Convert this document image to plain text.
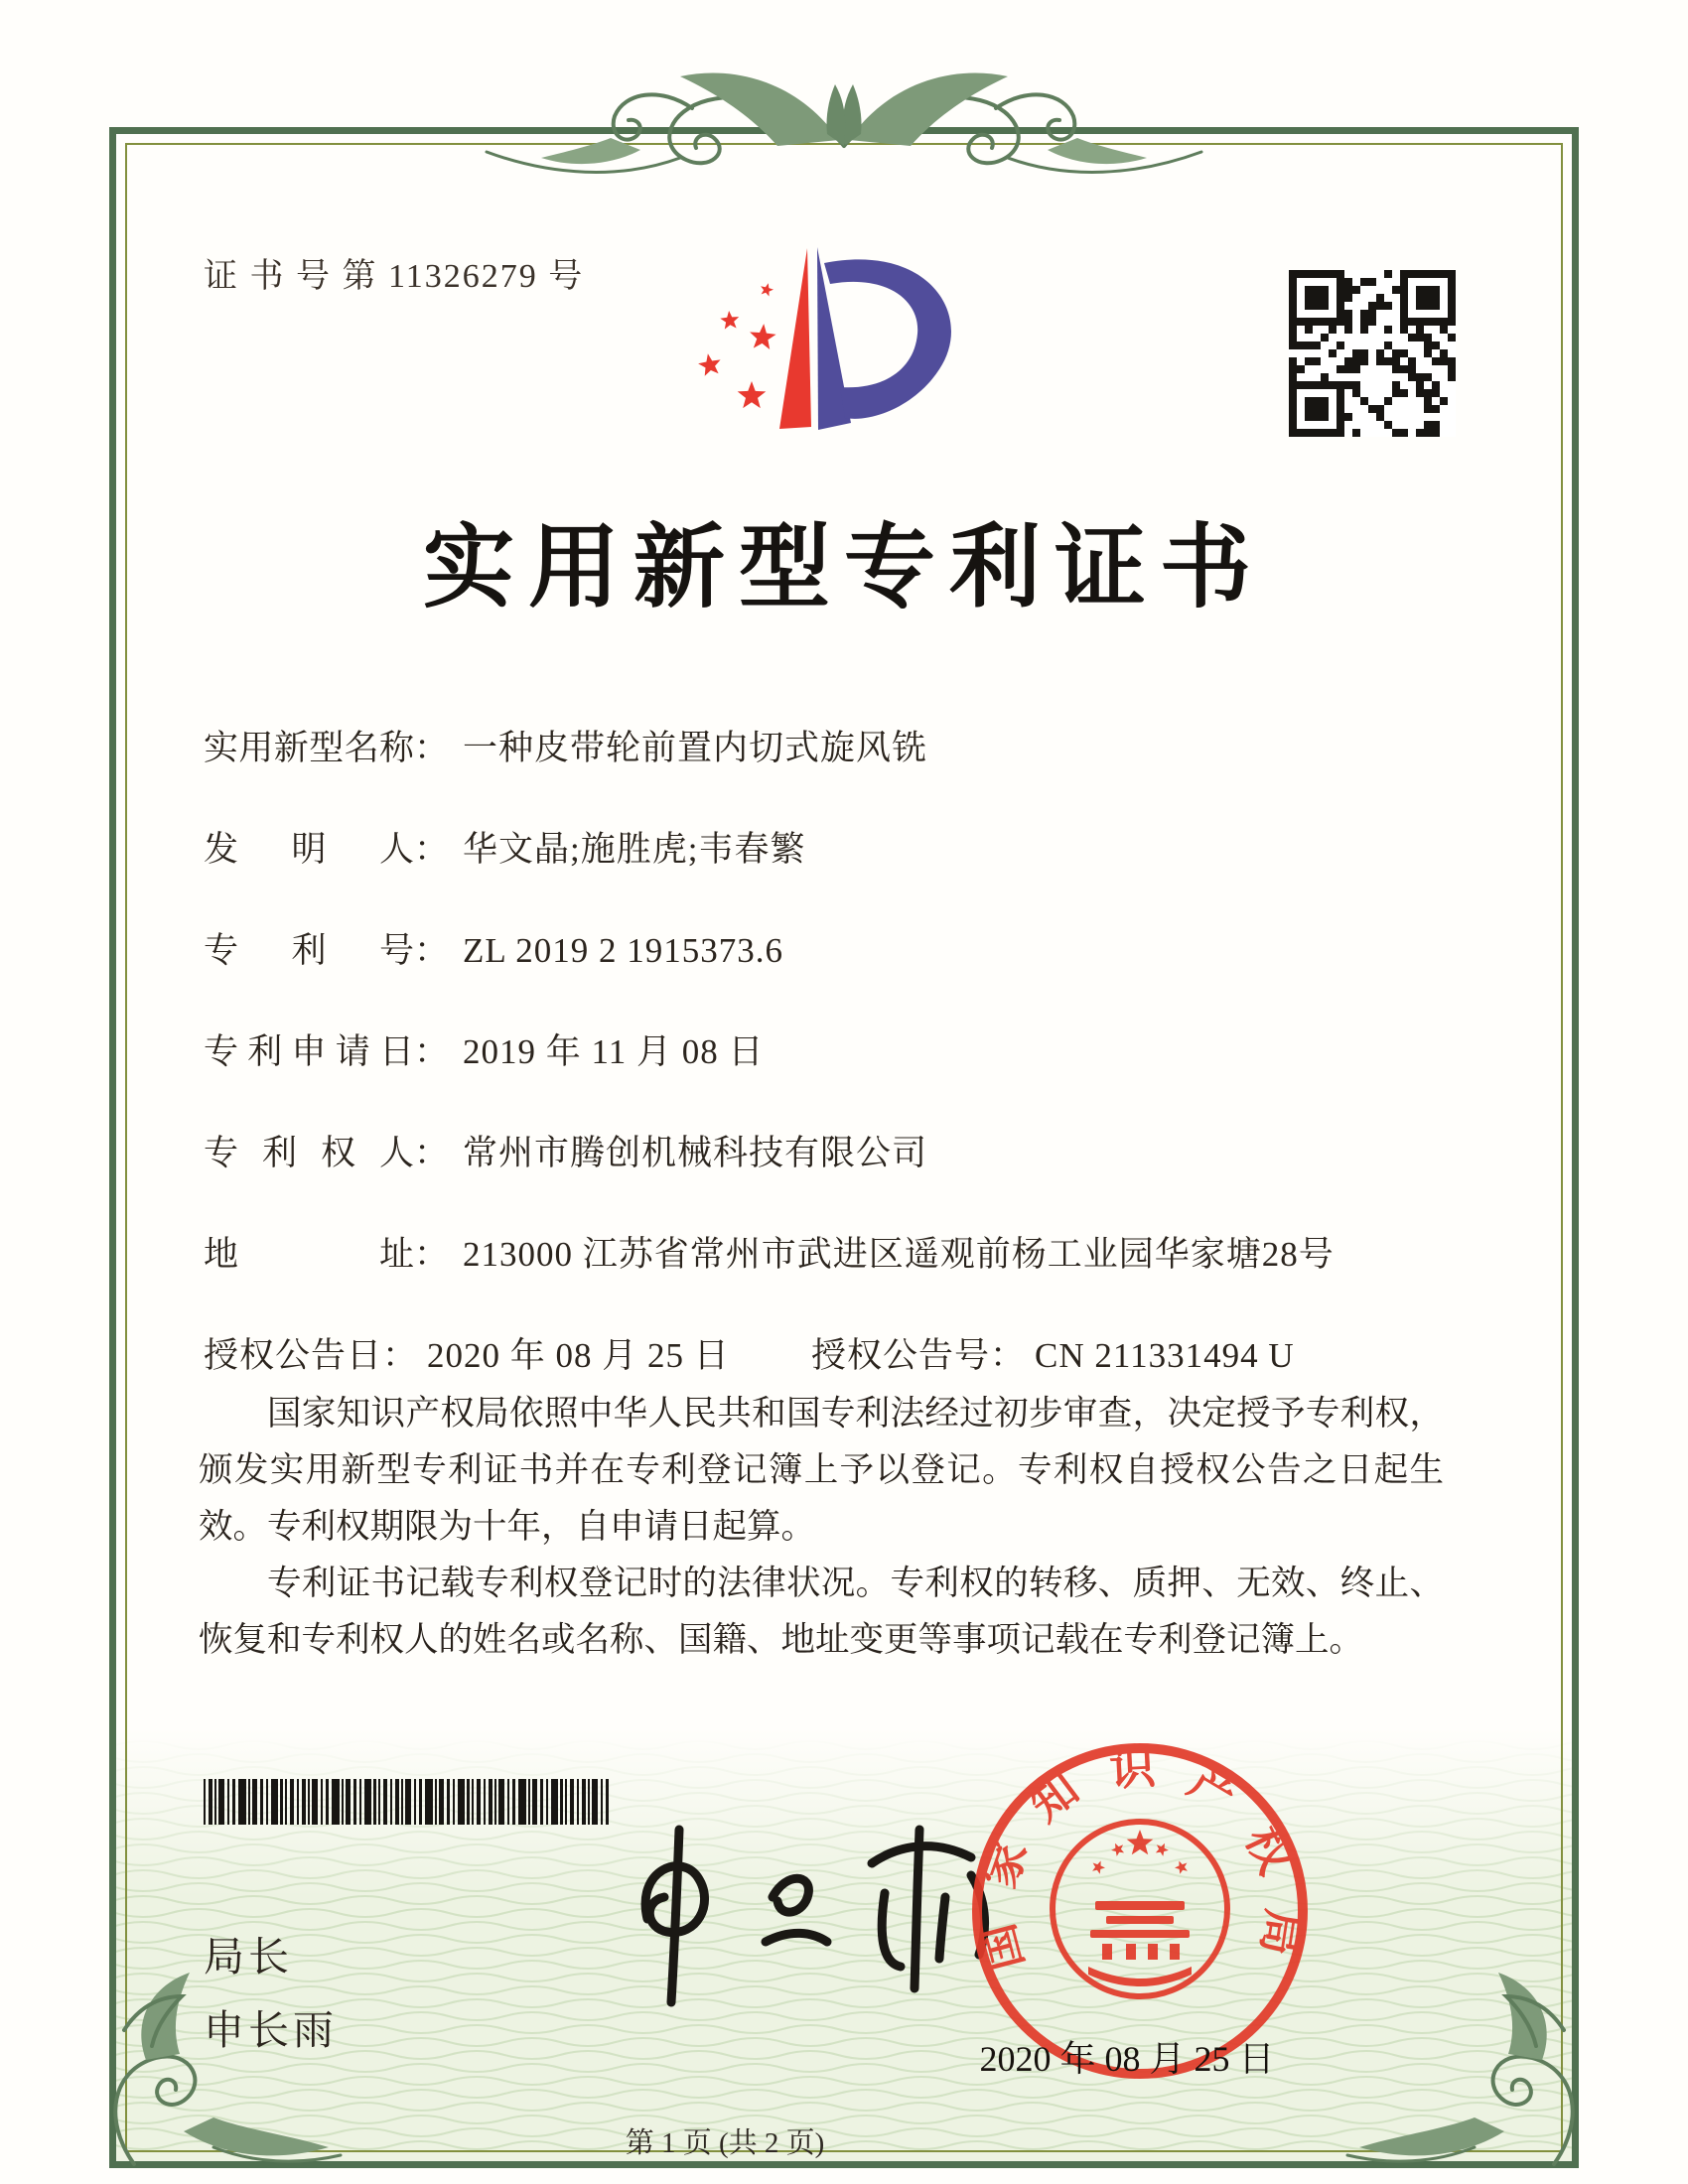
证 书 号 第 11326279 号
实用新型专利证书
实用新型名称： 一种皮带轮前置内切式旋风铣
发　明　人： 华文晶;施胜虎;韦春繁
专　利　号： ZL 2019 2 1915373.6
专利申请日： 2019 年 11 月 08 日
专 利 权 人： 常州市腾创机械科技有限公司
地　　　址： 213000 江苏省常州市武进区遥观前杨工业园华家塘28号
授权公告日： 2020 年 08 月 25 日 授权公告号： CN 211331494 U

国家知识产权局依照中华人民共和国专利法经过初步审查，决定授予专利权，颁发实用新型专利证书并在专利登记簿上予以登记。专利权自授权公告之日起生效。专利权期限为十年，自申请日起算。

专利证书记载专利权登记时的法律状况。专利权的转移、质押、无效、终止、恢复和专利权人的姓名或名称、国籍、地址变更等事项记载在专利登记簿上。

局长
申长雨
国家知识产权局
2020 年 08 月 25 日
第 1 页 (共 2 页)
